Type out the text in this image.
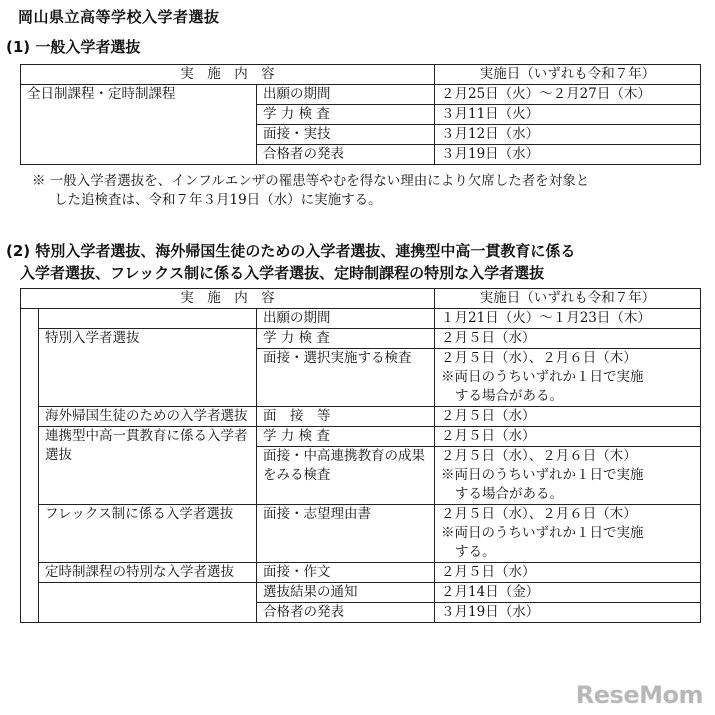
岡山県立高等学校入学者選抜
(1) 一般入学者選抜
実　施　内　容		実施日（いずれも令和７年）
全日制課程・定時制課程	出願の期間	２月25日（火）～２月27日（木）
	学 力 検 査	３月11日（火）
	面接・実技	３月12日（水）
	合格者の発表	３月19日（水）
※ 一般入学者選抜を、インフルエンザの罹患等やむを得ない理由により欠席した者を対象と
した追検査は、令和７年３月19日（水）に実施する。
(2) 特別入学者選抜、海外帰国生徒のための入学者選抜、連携型中高一貫教育に係る
入学者選抜、フレックス制に係る入学者選抜、定時制課程の特別な入学者選抜
実　施　内　容			実施日（いずれも令和７年）
		出願の期間	１月21日（火）～１月23日（木）
	特別入学者選抜	学 力 検 査	２月５日（水）
		面接・選択実施する検査	２月５日（水）、２月６日（木）
※両日のうちいずれか１日で実施
する場合がある。

	海外帰国生徒のための入学者選抜	面　接　等	２月５日（水）
	連携型中高一貫教育に係る入学者選抜	学 力 検 査	２月５日（水）
		面接・中高連携教育の成果をみる検査	２月５日（水）、２月６日（木）
※両日のうちいずれか１日で実施
する場合がある。

	フレックス制に係る入学者選抜	面接・志望理由書	２月５日（水）、２月６日（木）
※両日のうちいずれか１日で実施
する。

	定時制課程の特別な入学者選抜	面接・作文	２月５日（水）
		選抜結果の通知	２月14日（金）
		合格者の発表	３月19日（水）
ReseMom
